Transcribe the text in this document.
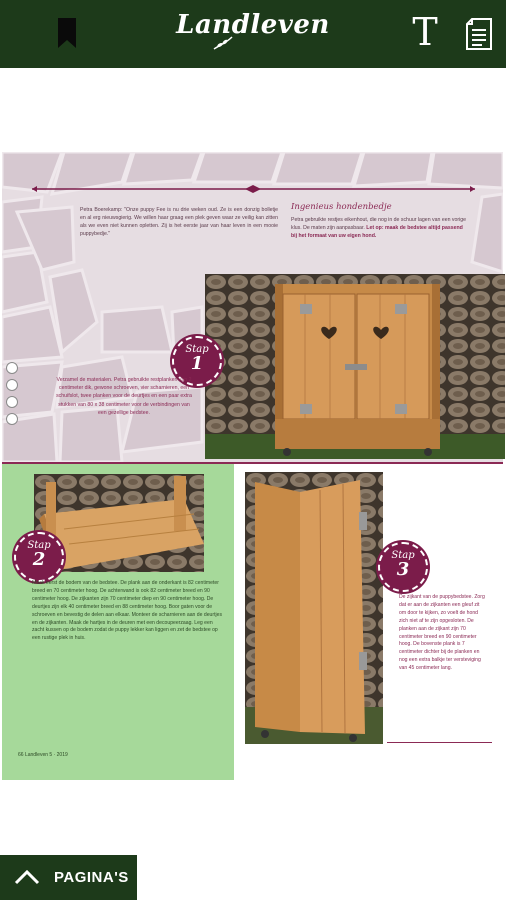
Landleven	T
Petra Boerekamp: "Onze puppy Fee is nu drie weken oud. Ze is een donzig bolletje en al erg nieuwsgierig. We willen haar graag een plek geven waar ze veilig kan zitten als we even niet kunnen opletten. Zij is het eerste jaar van haar leven in een mooie puppybedje."
Ingenieus hondenbedje
Petra gebruikte restjes eikenhout, die nog in de schuur lagen van een vorige klus. De maten zijn aanpasbaar. Let op: maak de bedstee altijd passend bij het formaat van uw eigen hond.
Stap
1
Verzamel de materialen. Petra gebruikte restplanken van 2 centimeter dik, gewone schroeven, vier scharnieren, een schuifslot, twee planken voor de deurtjes en een paar extra stukken van 80 x 38 centimeter voor de verbindingen van een gezellige bedstee.
Stap
2
Maak eerst de bodem van de bedstee. De plank aan de onderkant is 82 centimeter breed en 70 centimeter hoog. De achterwand is ook 82 centimeter breed en 90 centimeter hoog. De zijkanten zijn 70 centimeter diep en 90 centimeter hoog. De deurtjes zijn elk 40 centimeter breed en 88 centimeter hoog. Boor gaten voor de schroeven en bevestig de delen aan elkaar. Monteer de scharnieren aan de deurtjes en de zijkanten. Maak de hartjes in de deuren met een decoupeerzaag. Leg een zacht kussen op de bodem zodat de puppy lekker kan liggen en zet de bedstee op een rustige plek in huis.
66 Landleven 5 · 2019
Stap
3
De zijkant van de puppybedstee. Zorg dat er aan de zijkanten een gleuf zit om door te kijken, zo voelt de hond zich niet af te zijn opgesloten. De planken aan de zijkant zijn 70 centimeter breed en 90 centimeter hoog. De bovenste plank is 7 centimeter dichter bij de planken en nog een extra balkje ter versteviging van 45 centimeter lang.
PAGINA'S
